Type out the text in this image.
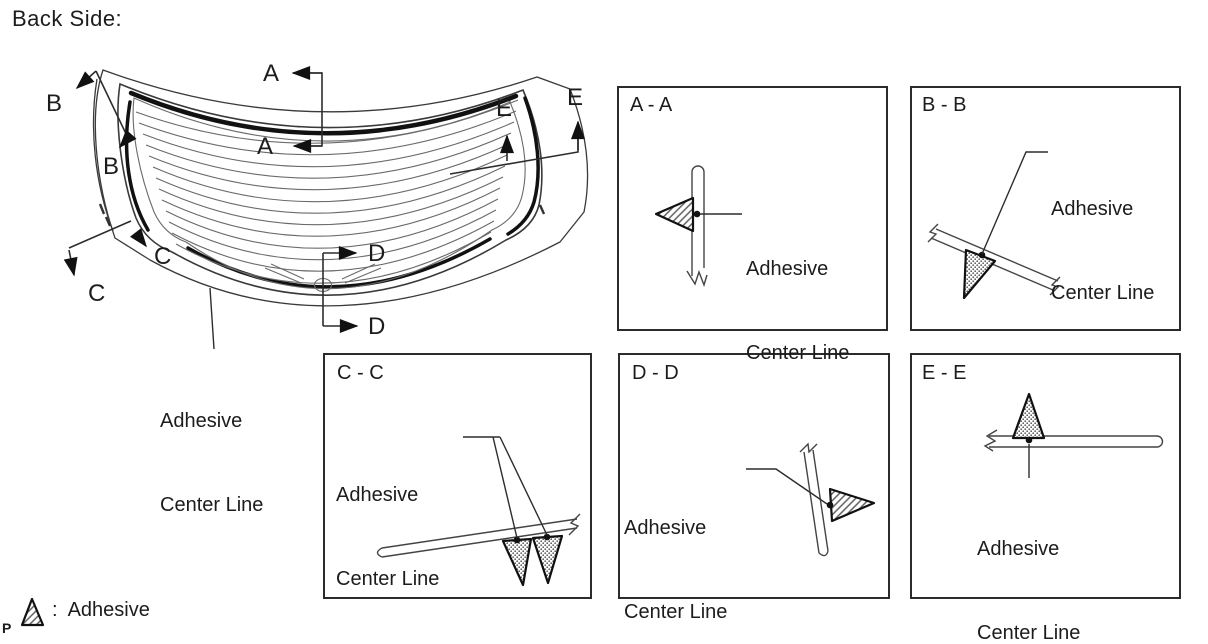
Back Side:
A
A
B
B
C
C	D
D
E E

Adhesive

Center Line

A - A	B - B
C - C	D - D	E - E

Adhesive

Center Line

Adhesive

Center Line

Adhesive

Center Line

Adhesive

Center Line

Adhesive

Center Line

:  Adhesive
P
